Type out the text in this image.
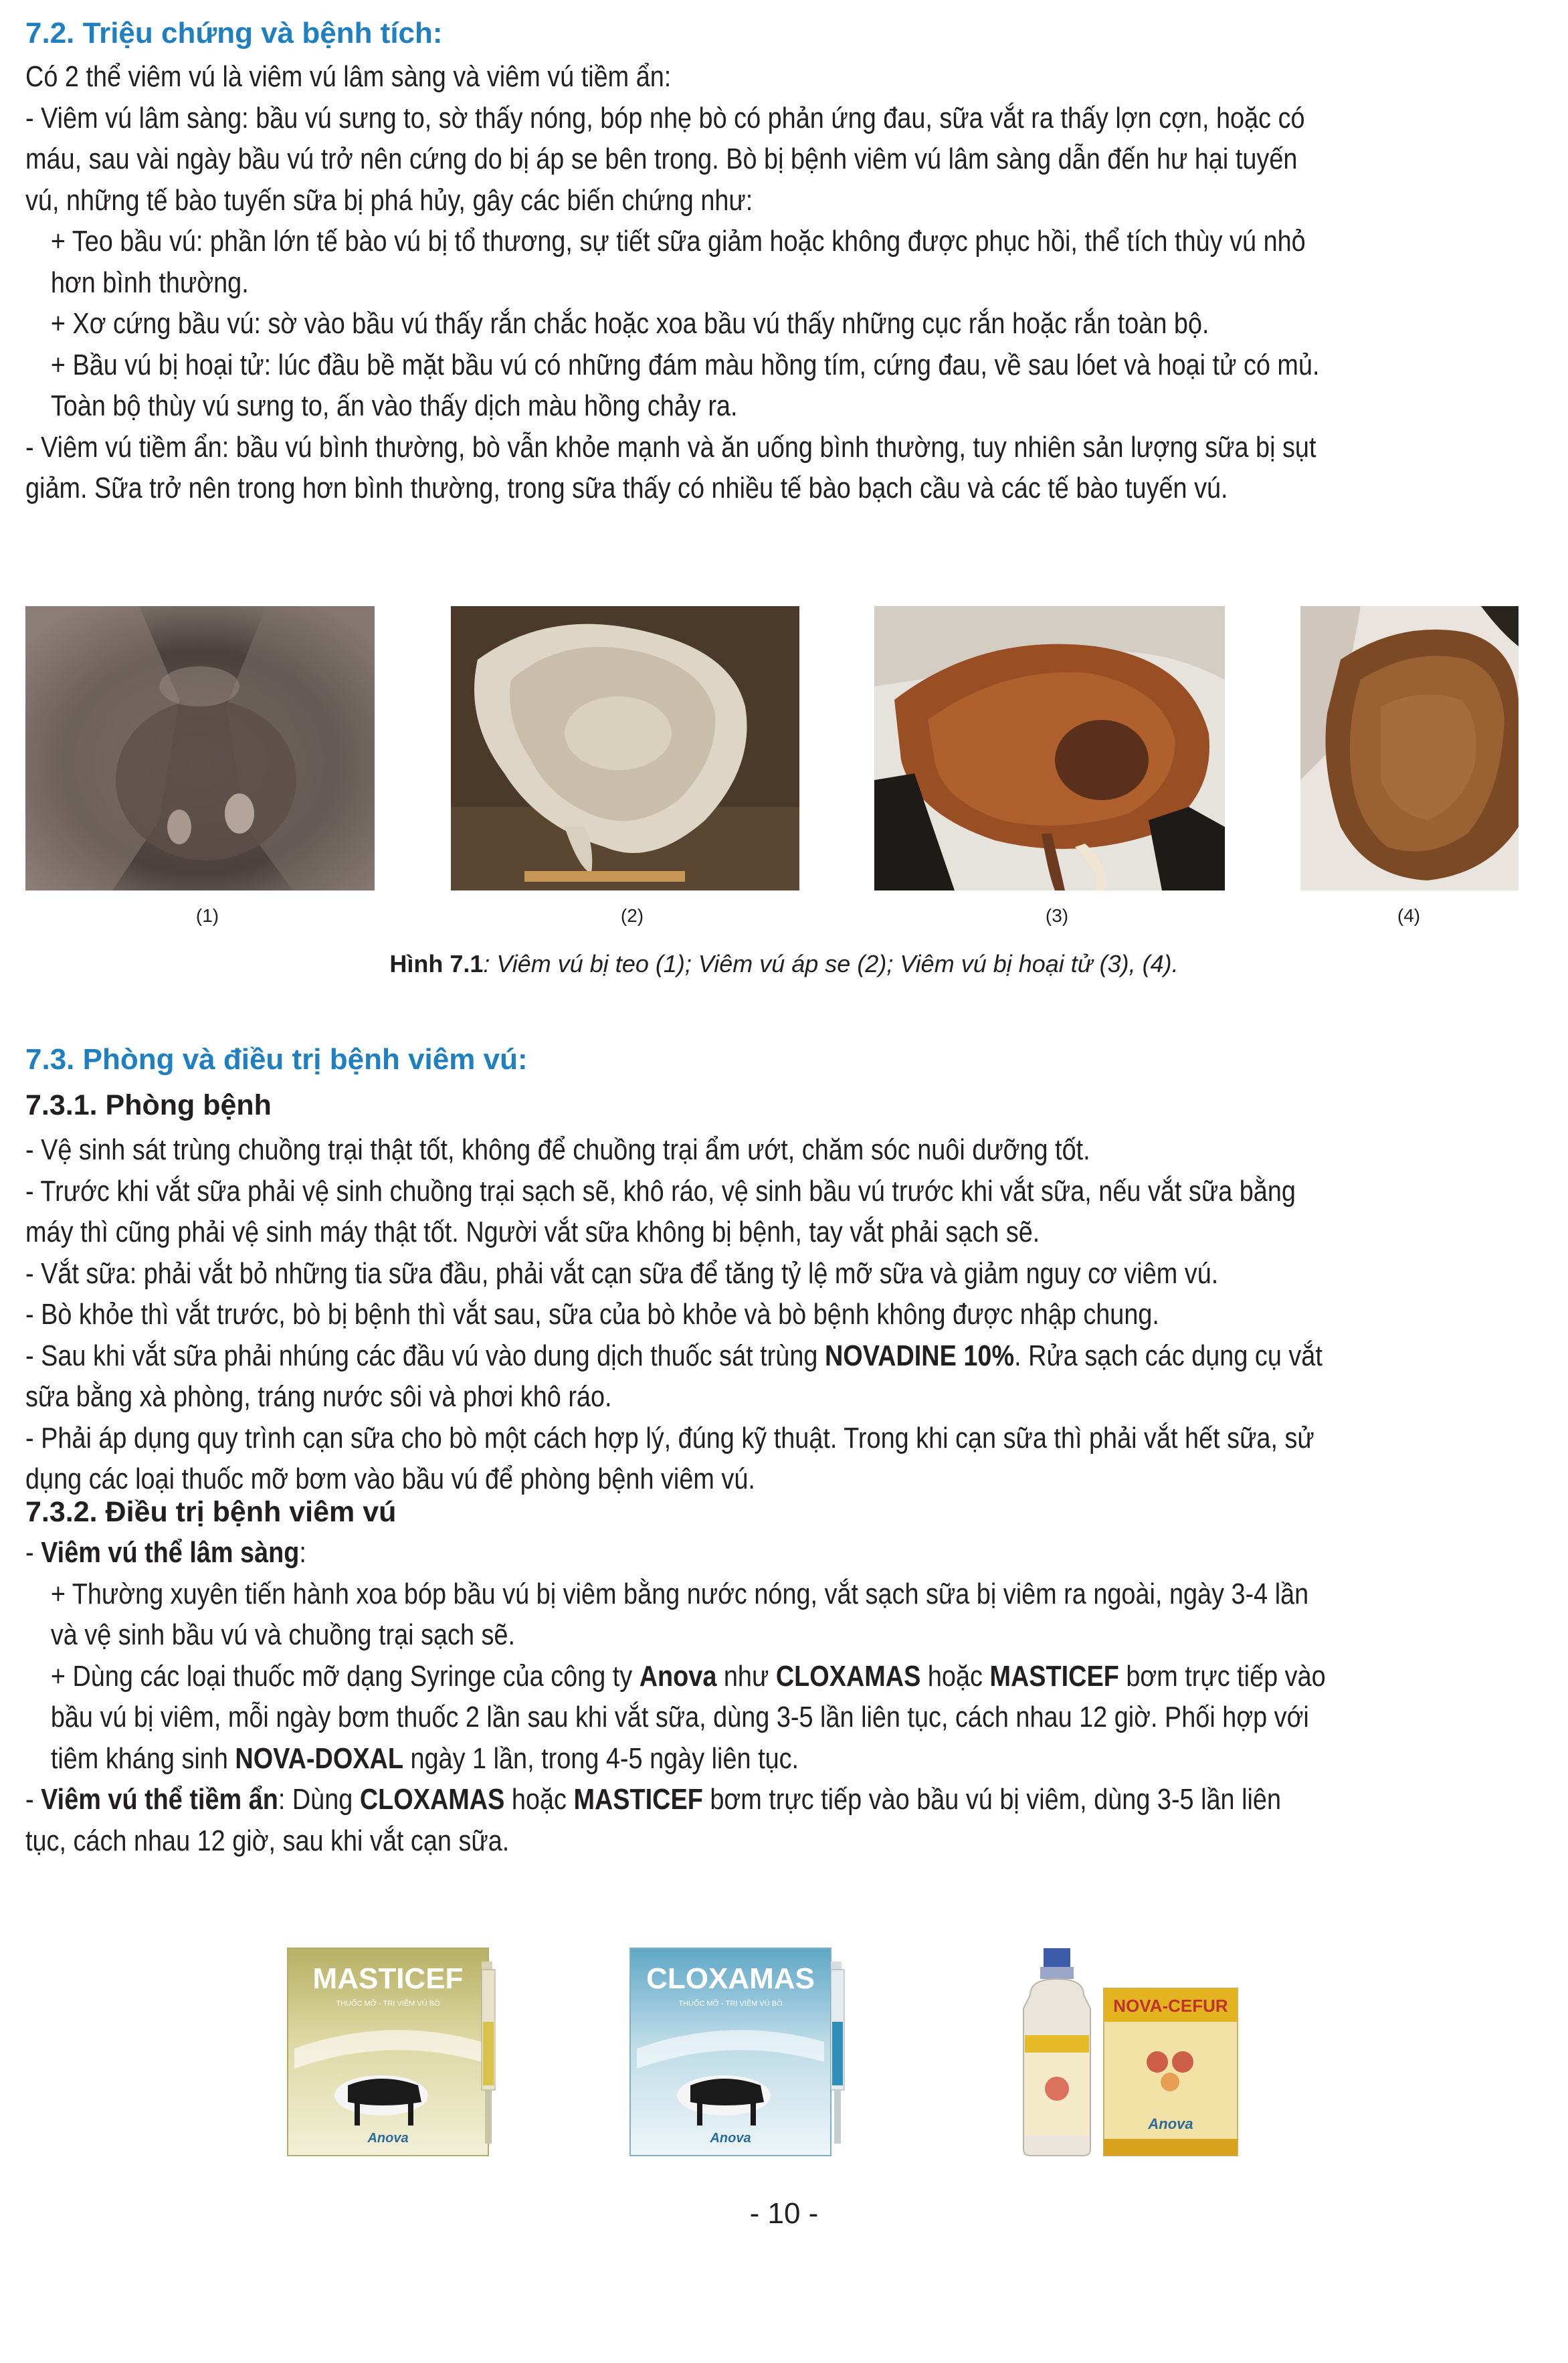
7.2. Triệu chứng và bệnh tích:

Có 2 thể viêm vú là viêm vú lâm sàng và viêm vú tiềm ẩn:

- Viêm vú lâm sàng: bầu vú sưng to, sờ thấy nóng, bóp nhẹ bò có phản ứng đau, sữa vắt ra thấy lợn cợn, hoặc có máu, sau vài ngày bầu vú trở nên cứng do bị áp se bên trong. Bò bị bệnh viêm vú lâm sàng dẫn đến hư hại tuyến vú, những tế bào tuyến sữa bị phá hủy, gây các biến chứng như:

+ Teo bầu vú: phần lớn tế bào vú bị tổ thương, sự tiết sữa giảm hoặc không được phục hồi, thể tích thùy vú nhỏ hơn bình thường.

+ Xơ cứng bầu vú: sờ vào bầu vú thấy rắn chắc hoặc xoa bầu vú thấy những cục rắn hoặc rắn toàn bộ.

+ Bầu vú bị hoại tử: lúc đầu bề mặt bầu vú có những đám màu hồng tím, cứng đau, về sau lóet và hoại tử có mủ. Toàn bộ thùy vú sưng to, ấn vào thấy dịch màu hồng chảy ra.

- Viêm vú tiềm ẩn: bầu vú bình thường, bò vẫn khỏe mạnh và ăn uống bình thường, tuy nhiên sản lượng sữa bị sụt giảm. Sữa trở nên trong hơn bình thường, trong sữa thấy có nhiều tế bào bạch cầu và các tế bào tuyến vú.

(1)	(2)	(3)	(4)
Hình 7.1: Viêm vú bị teo (1); Viêm vú áp se (2); Viêm vú bị hoại tử (3), (4).
7.3. Phòng và điều trị bệnh viêm vú:
7.3.1. Phòng bệnh

- Vệ sinh sát trùng chuồng trại thật tốt, không để chuồng trại ẩm ướt, chăm sóc nuôi dưỡng tốt.

- Trước khi vắt sữa phải vệ sinh chuồng trại sạch sẽ, khô ráo, vệ sinh bầu vú trước khi vắt sữa, nếu vắt sữa bằng máy thì cũng phải vệ sinh máy thật tốt. Người vắt sữa không bị bệnh, tay vắt phải sạch sẽ.

- Vắt sữa: phải vắt bỏ những tia sữa đầu, phải vắt cạn sữa để tăng tỷ lệ mỡ sữa và giảm nguy cơ viêm vú.

- Bò khỏe thì vắt trước, bò bị bệnh thì vắt sau, sữa của bò khỏe và bò bệnh không được nhập chung.

- Sau khi vắt sữa phải nhúng các đầu vú vào dung dịch thuốc sát trùng NOVADINE 10%. Rửa sạch các dụng cụ vắt sữa bằng xà phòng, tráng nước sôi và phơi khô ráo.

- Phải áp dụng quy trình cạn sữa cho bò một cách hợp lý, đúng kỹ thuật. Trong khi cạn sữa thì phải vắt hết sữa, sử dụng các loại thuốc mỡ bơm vào bầu vú để phòng bệnh viêm vú.

7.3.2. Điều trị bệnh viêm vú

- Viêm vú thể lâm sàng:

+ Thường xuyên tiến hành xoa bóp bầu vú bị viêm bằng nước nóng, vắt sạch sữa bị viêm ra ngoài, ngày 3-4 lần và vệ sinh bầu vú và chuồng trại sạch sẽ.

+ Dùng các loại thuốc mỡ dạng Syringe của công ty Anova như CLOXAMAS hoặc MASTICEF bơm trực tiếp vào bầu vú bị viêm, mỗi ngày bơm thuốc 2 lần sau khi vắt sữa, dùng 3-5 lần liên tục, cách nhau 12 giờ. Phối hợp với tiêm kháng sinh NOVA-DOXAL ngày 1 lần, trong 4-5 ngày liên tục.

- Viêm vú thể tiềm ẩn: Dùng CLOXAMAS hoặc MASTICEF bơm trực tiếp vào bầu vú bị viêm, dùng 3-5 lần liên tục, cách nhau 12 giờ, sau khi vắt cạn sữa.

MASTICEF
THUỐC MỠ - TRỊ VIÊM VÚ BÒ
Anova
CLOXAMAS
THUỐC MỠ - TRỊ VIÊM VÚ BÒ
Anova
NOVA-CEFUR
Anova
- 10 -
